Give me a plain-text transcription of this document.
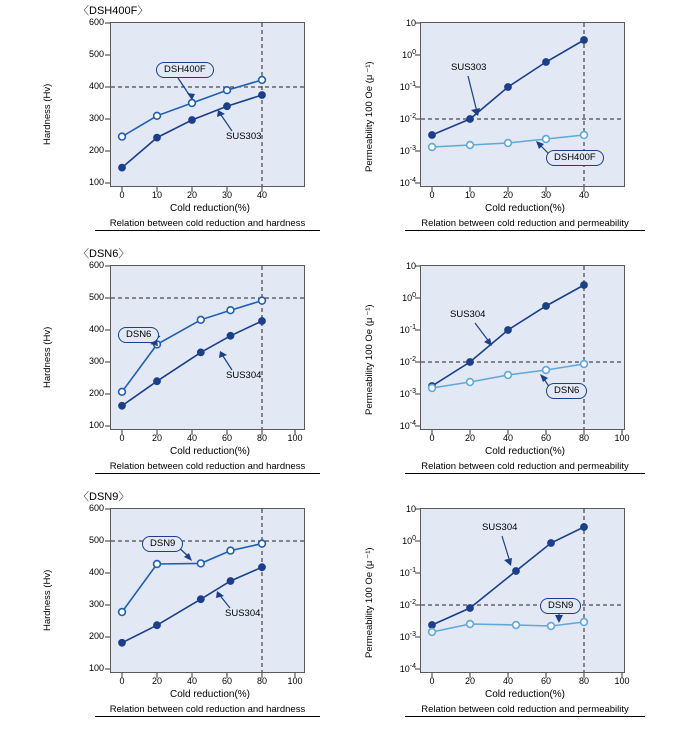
〈DSH400F〉
Hardness (Hv)
600
500
400
300
200
100
0	10	20	30	40
Cold reduction(%)
Relation between cold reduction and hardness
DSH400F
SUS303	Permeability 100 Oe (μ ⁻¹)
10
$10^0$
$10^{-1}$
$10^{-2}$
$10^{-3}$
$10^{-4}$
0	10	20	30	40
Cold reduction(%)
Relation between cold reduction and permeability
SUS303
DSH400F
〈DSN6〉
Hardness (Hv)
600
500
400
300
200
100
0	20	40	60	80	100
Cold reduction(%)
Relation between cold reduction and hardness
DSN6
SUS304	Permeability 100 Oe (μ ⁻¹)
10
$10^0$
$10^{-1}$
$10^{-2}$
$10^{-3}$
$10^{-4}$
0	20	40	60	80	100
Cold reduction(%)
Relation between cold reduction and permeability
SUS304
DSN6
〈DSN9〉
Hardness (Hv)
600
500
400
300
200
100
0	20	40	60	80	100
Cold reduction(%)
Relation between cold reduction and hardness
DSN9
SUS304	Permeability 100 Oe (μ ⁻¹)
10
$10^0$
$10^{-1}$
$10^{-2}$
$10^{-3}$
$10^{-4}$
0	20	40	60	80	100
Cold reduction(%)
Relation between cold reduction and permeability
SUS304
DSN9
